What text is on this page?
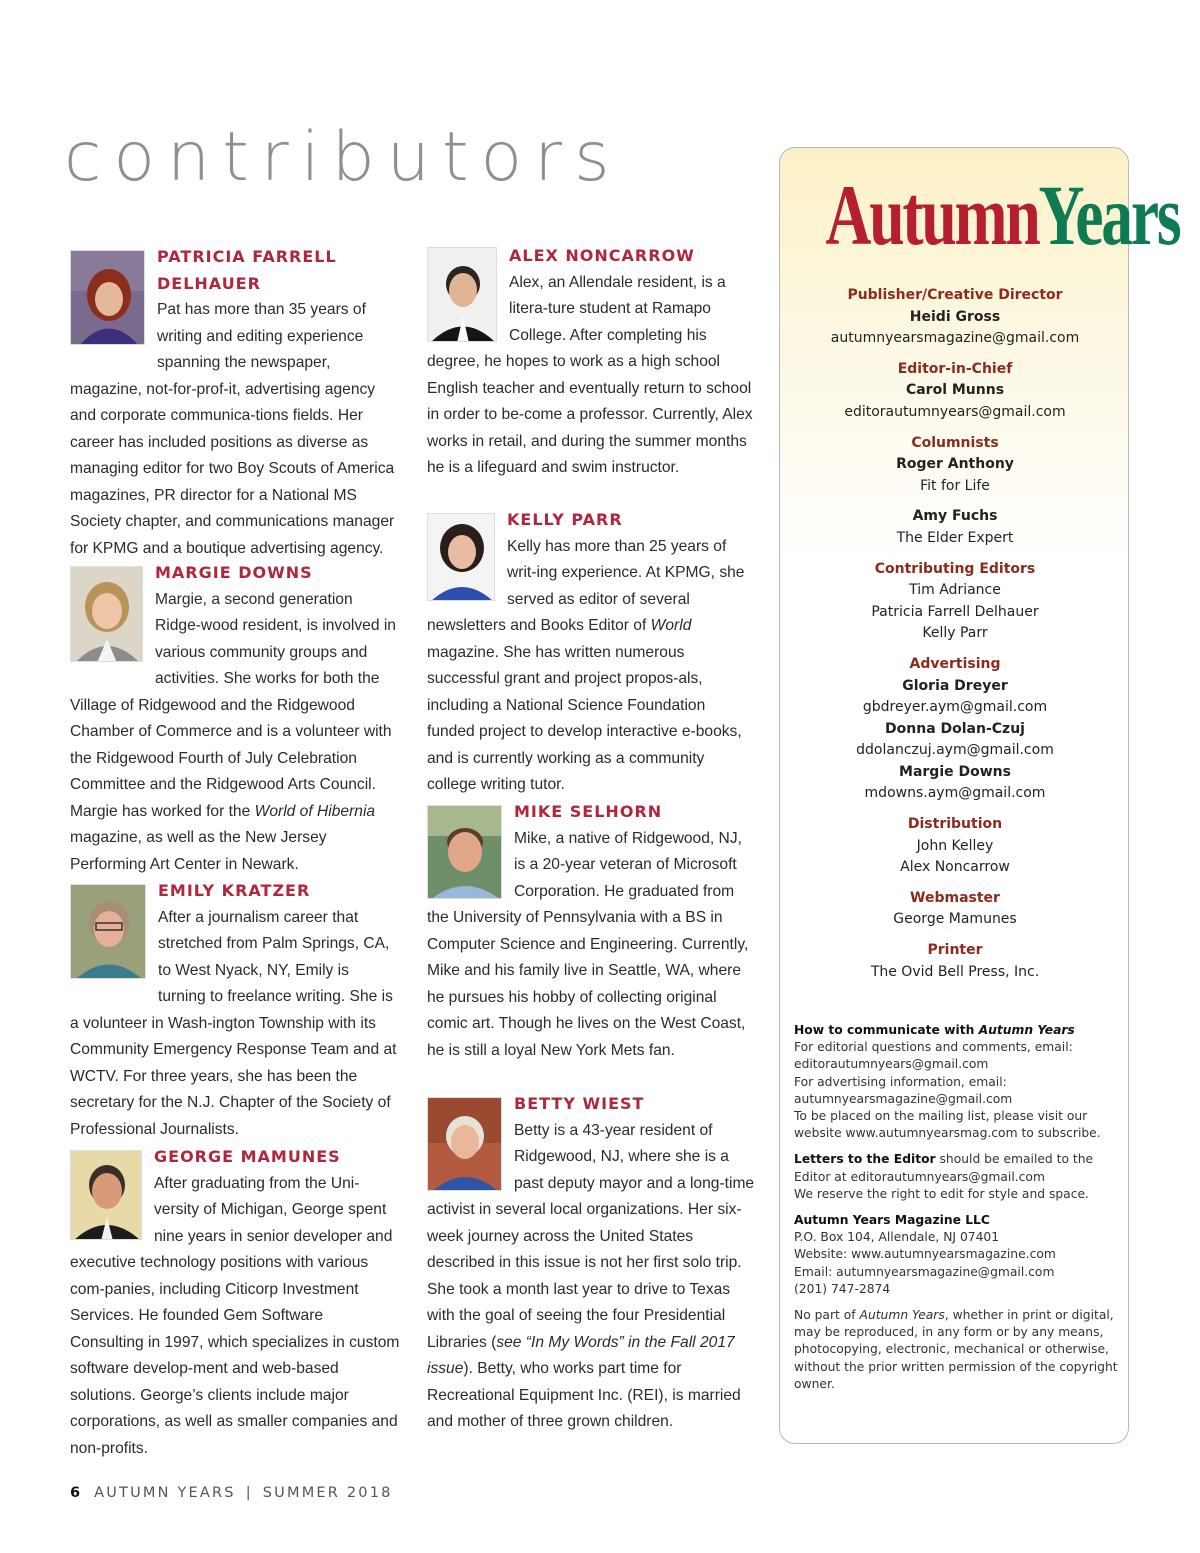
contributors
PATRICIA FARRELL
DELHAUER

Pat has more than 35 years of writing and editing experience spanning the newspaper, magazine, not-for-prof-it, advertising agency and corporate communica-tions fields. Her career has included positions as diverse as managing editor for two Boy Scouts of America magazines, PR director for a National MS Society chapter, and communications manager for KPMG and a boutique advertising agency.

MARGIE DOWNS

Margie, a second generation Ridge-wood resident, is involved in various community groups and activities. She works for both the Village of Ridgewood and the Ridgewood Chamber of Commerce and is a volunteer with the Ridgewood Fourth of July Celebration Committee and the Ridgewood Arts Council. Margie has worked for the World of Hibernia magazine, as well as the New Jersey Performing Art Center in Newark.

EMILY KRATZER

After a journalism career that stretched from Palm Springs, CA, to West Nyack, NY, Emily is turning to freelance writing. She is a volunteer in Wash-ington Township with its Community Emergency Response Team and at WCTV. For three years, she has been the secretary for the N.J. Chapter of the Society of Professional Journalists.

GEORGE MAMUNES

After graduating from the Uni-versity of Michigan, George spent nine years in senior developer and executive technology positions with various com-panies, including Citicorp Investment Services. He founded Gem Software Consulting in 1997, which specializes in custom software develop-ment and web-based solutions. George’s clients include major corporations, as well as smaller companies and non-profits.

ALEX NONCARROW

Alex, an Allendale resident, is a litera-ture student at Ramapo College. After completing his degree, he hopes to work as a high school English teacher and eventually return to school in order to be-come a professor. Currently, Alex works in retail, and during the summer months he is a lifeguard and swim instructor.

KELLY PARR

Kelly has more than 25 years of writ-ing experience. At KPMG, she served as editor of several newsletters and Books Editor of World magazine. She has written numerous successful grant and project propos-als, including a National Science Foundation funded project to develop interactive e-books, and is currently working as a community college writing tutor.

MIKE SELHORN

Mike, a native of Ridgewood, NJ, is a 20-year veteran of Microsoft Corporation. He graduated from the University of Pennsylvania with a BS in Computer Science and Engineering. Currently, Mike and his family live in Seattle, WA, where he pursues his hobby of collecting original comic art. Though he lives on the West Coast, he is still a loyal New York Mets fan.

BETTY WIEST

Betty is a 43-year resident of Ridgewood, NJ, where she is a past deputy mayor and a long-time activist in several local organizations. Her six-week journey across the United States described in this issue is not her first solo trip. She took a month last year to drive to Texas with the goal of seeing the four Presidential Libraries (see “In My Words” in the Fall 2017 issue). Betty, who works part time for Recreational Equipment Inc. (REI), is married and mother of three grown children.

AutumnYears
Publisher/Creative Director
Heidi Gross
autumnyearsmagazine@gmail.com
Editor-in-Chief
Carol Munns
editorautumnyears@gmail.com
Columnists
Roger Anthony
Fit for Life
Amy Fuchs
The Elder Expert
Contributing Editors
Tim Adriance
Patricia Farrell Delhauer
Kelly Parr
Advertising
Gloria Dreyer
gbdreyer.aym@gmail.com
Donna Dolan-Czuj
ddolanczuj.aym@gmail.com
Margie Downs
mdowns.aym@gmail.com
Distribution
John Kelley
Alex Noncarrow
Webmaster
George Mamunes
Printer
The Ovid Bell Press, Inc.
How to communicate with Autumn Years
For editorial questions and comments, email:
editorautumnyears@gmail.com
For advertising information, email:
autumnyearsmagazine@gmail.com
To be placed on the mailing list, please visit our website www.autumnyearsmag.com to subscribe.
Letters to the Editor should be emailed to the Editor at editorautumnyears@gmail.com
We reserve the right to edit for style and space.
Autumn Years Magazine LLC
P.O. Box 104, Allendale, NJ 07401
Website: www.autumnyearsmagazine.com
Email: autumnyearsmagazine@gmail.com
(201) 747-2874
No part of Autumn Years, whether in print or digital, may be reproduced, in any form or by any means, photocopying, electronic, mechanical or otherwise, without the prior written permission of the copyright owner.
6 AUTUMN YEARS | SUMMER 2018
